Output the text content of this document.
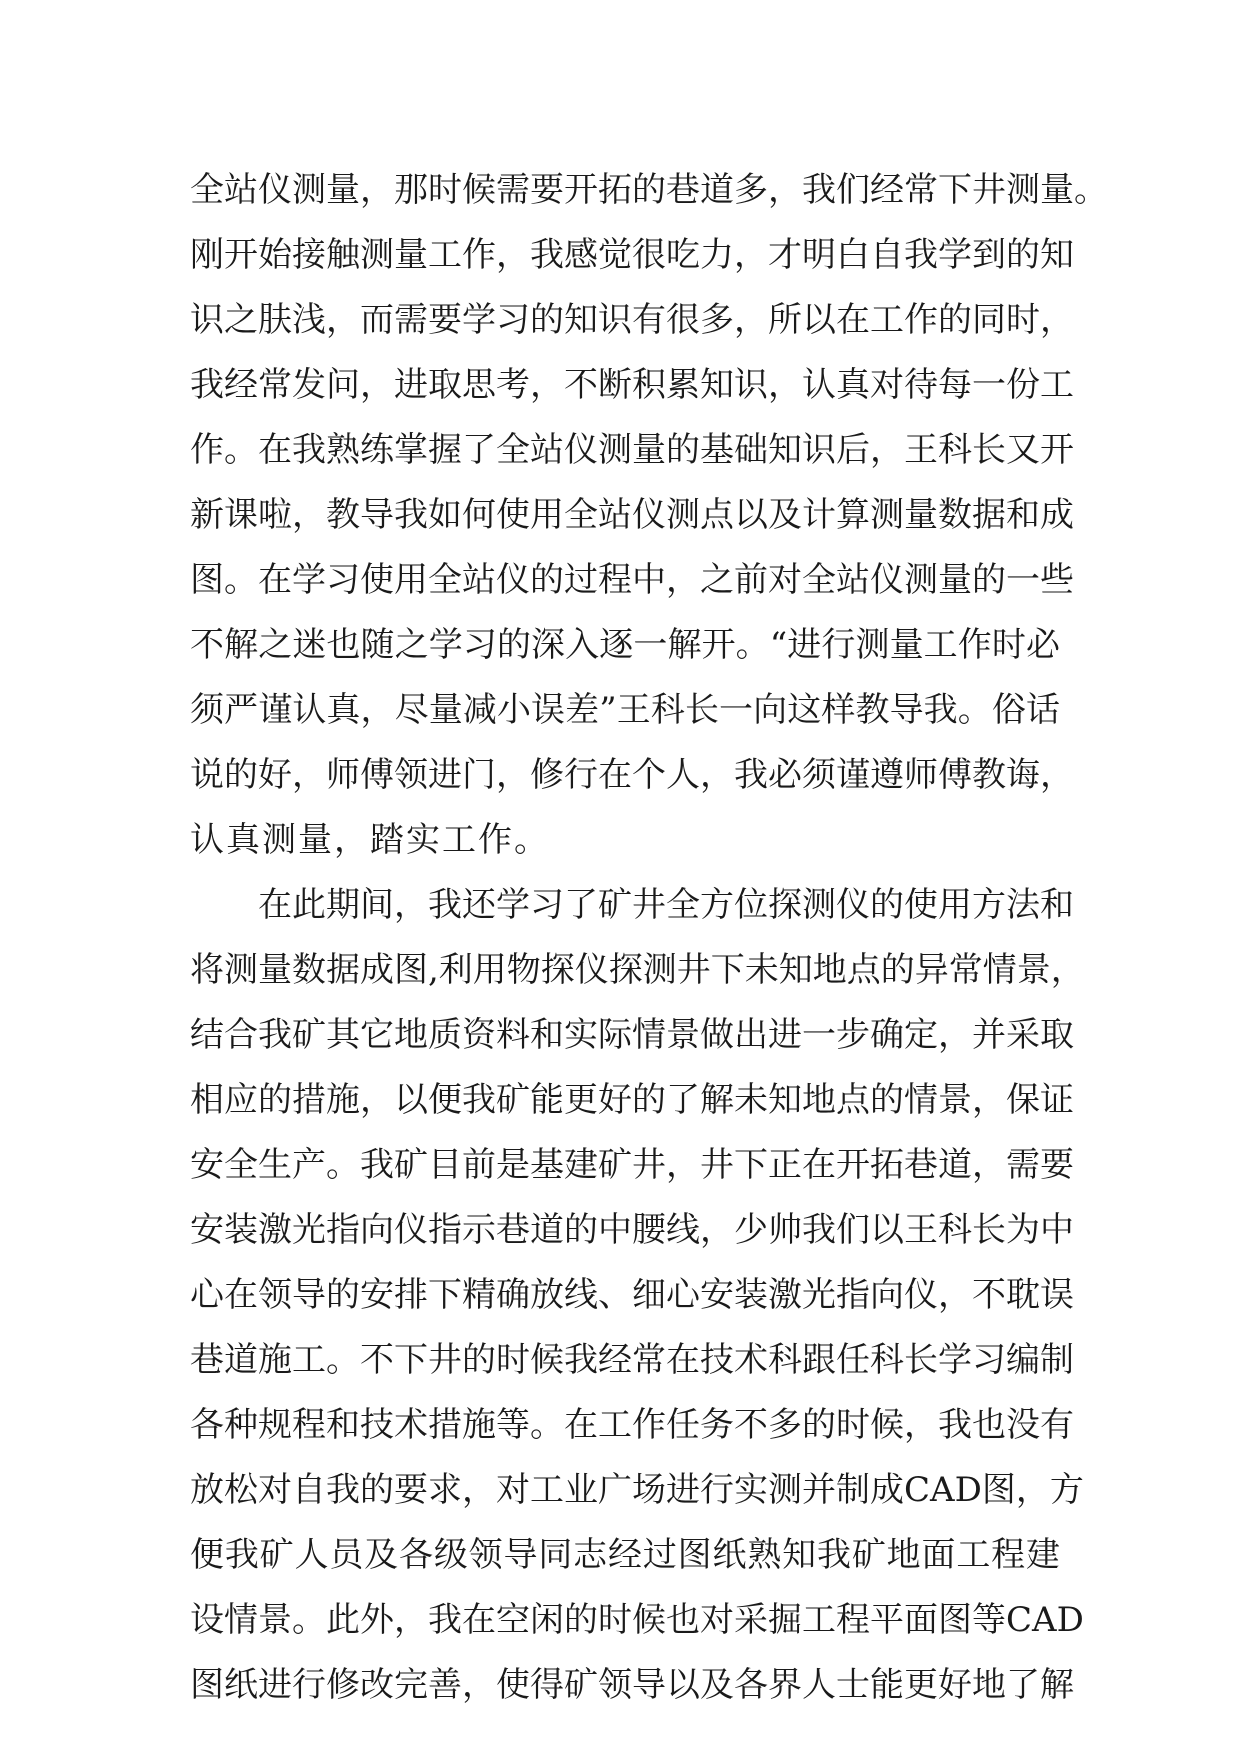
全站仪测量，那时候需要开拓的巷道多，我们经常下井测量。
刚开始接触测量工作，我感觉很吃力，才明白自我学到的知
识之肤浅，而需要学习的知识有很多，所以在工作的同时，
我经常发问，进取思考，不断积累知识，认真对待每一份工
作。在我熟练掌握了全站仪测量的基础知识后，王科长又开
新课啦，教导我如何使用全站仪测点以及计算测量数据和成
图。在学习使用全站仪的过程中，之前对全站仪测量的一些
不解之迷也随之学习的深入逐一解开。“进行测量工作时必
须严谨认真，尽量减小误差”王科长一向这样教导我。俗话
说的好，师傅领进门，修行在个人，我必须谨遵师傅教诲，
认真测量，踏实工作。
在此期间，我还学习了矿井全方位探测仪的使用方法和
将测量数据成图,利用物探仪探测井下未知地点的异常情景，
结合我矿其它地质资料和实际情景做出进一步确定，并采取
相应的措施，以便我矿能更好的了解未知地点的情景，保证
安全生产。我矿目前是基建矿井，井下正在开拓巷道，需要
安装激光指向仪指示巷道的中腰线，少帅我们以王科长为中
心在领导的安排下精确放线、细心安装激光指向仪，不耽误
巷道施工。不下井的时候我经常在技术科跟任科长学习编制
各种规程和技术措施等。在工作任务不多的时候，我也没有
放松对自我的要求，对工业广场进行实测并制成CAD图，方
便我矿人员及各级领导同志经过图纸熟知我矿地面工程建
设情景。此外，我在空闲的时候也对采掘工程平面图等CAD
图纸进行修改完善，使得矿领导以及各界人士能更好地了解
